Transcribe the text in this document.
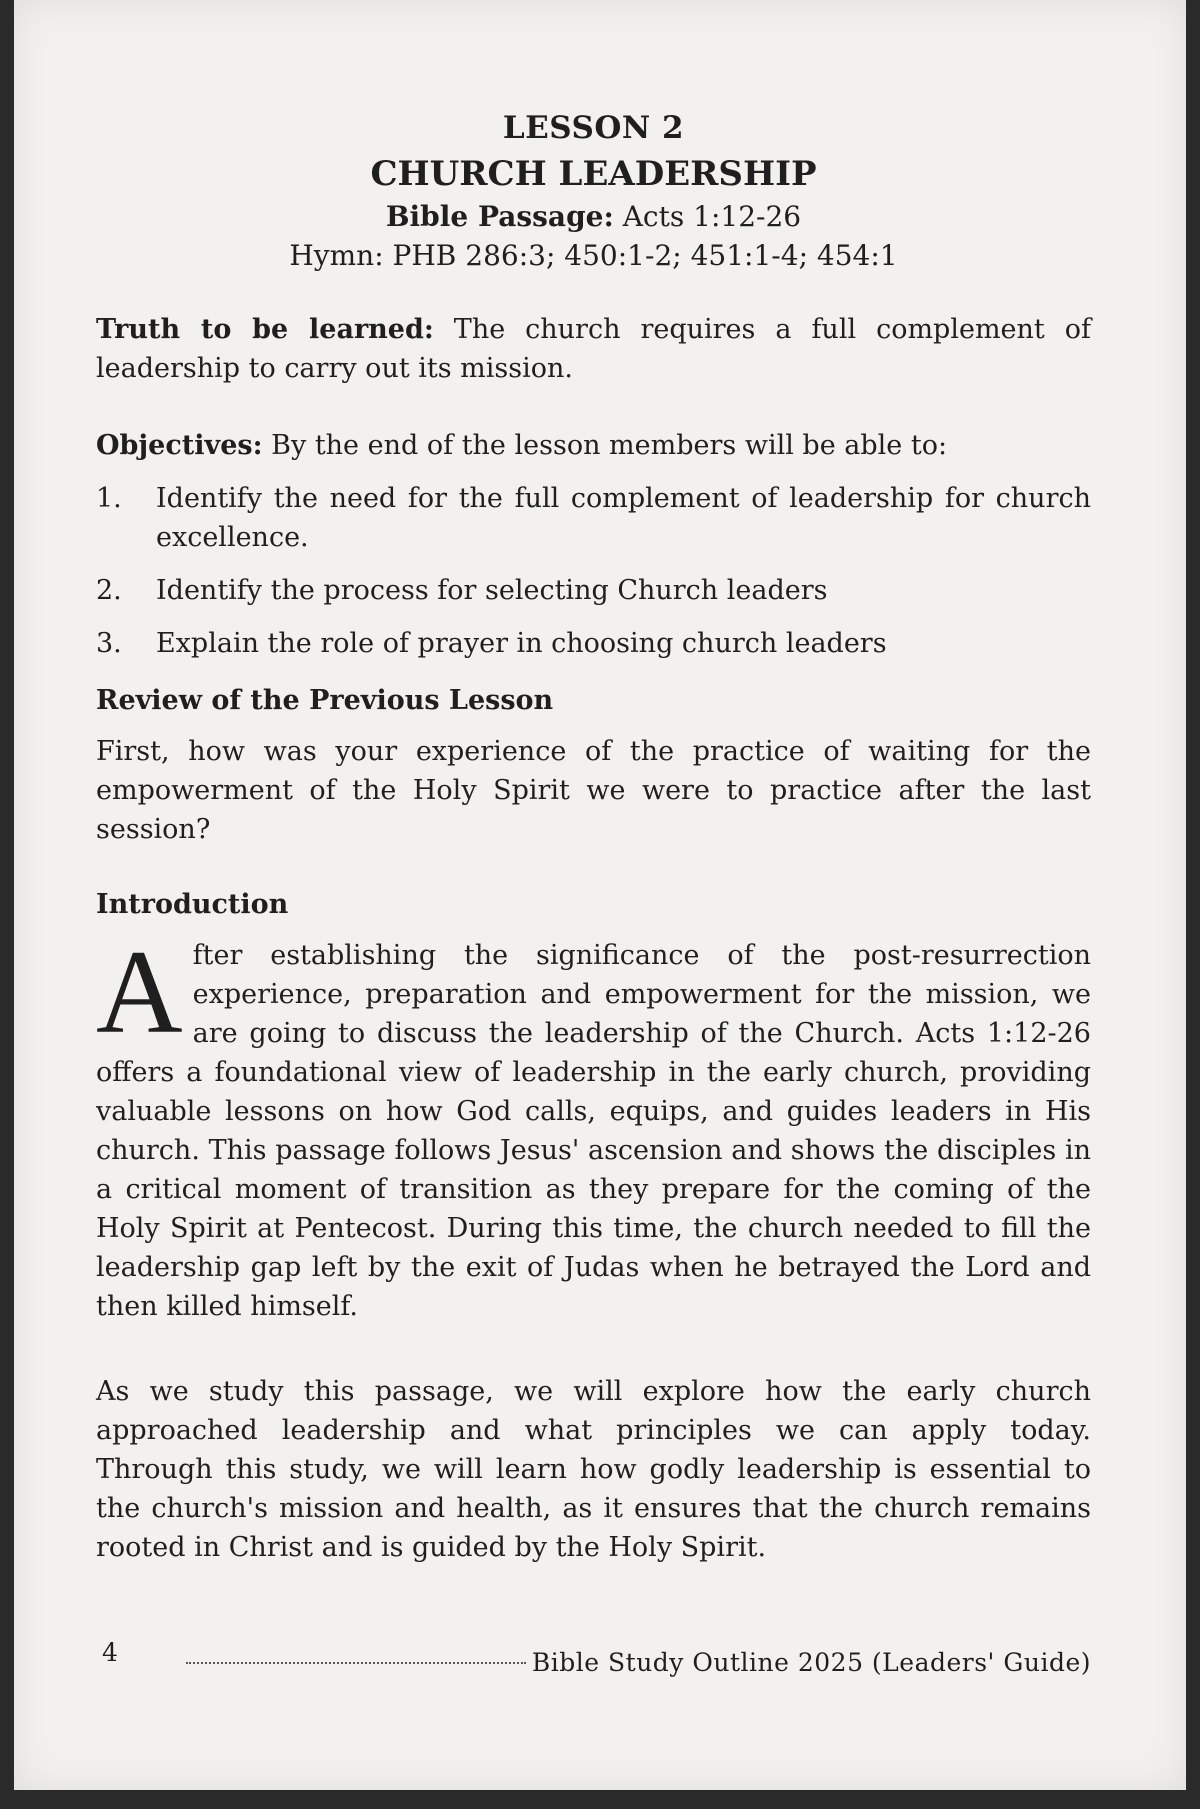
LESSON 2
CHURCH LEADERSHIP
Bible Passage: Acts 1:12-26
Hymn: PHB 286:3; 450:1-2; 451:1-4; 454:1

Truth to be learned: The church requires a full complement of leadership to carry out its mission.

Objectives: By the end of the lesson members will be able to:

1.	Identify the need for the full complement of leadership for church excellence.
2.	Identify the process for selecting Church leaders
3.	Explain the role of prayer in choosing church leaders
Review of the Previous Lesson

First, how was your experience of the practice of waiting for the empowerment of the Holy Spirit we were to practice after the last session?

Introduction

After establishing the significance of the post-resurrection experience, preparation and empowerment for the mission, we are going to discuss the leadership of the Church. Acts 1:12-26 offers a foundational view of leadership in the early church, providing valuable lessons on how God calls, equips, and guides leaders in His church. This passage follows Jesus' ascension and shows the disciples in a critical moment of transition as they prepare for the coming of the Holy Spirit at Pentecost. During this time, the church needed to fill the leadership gap left by the exit of Judas when he betrayed the Lord and then killed himself.

As we study this passage, we will explore how the early church approached leadership and what principles we can apply today. Through this study, we will learn how godly leadership is essential to the church's mission and health, as it ensures that the church remains rooted in Christ and is guided by the Holy Spirit.

4	Bible Study Outline 2025 (Leaders' Guide)
